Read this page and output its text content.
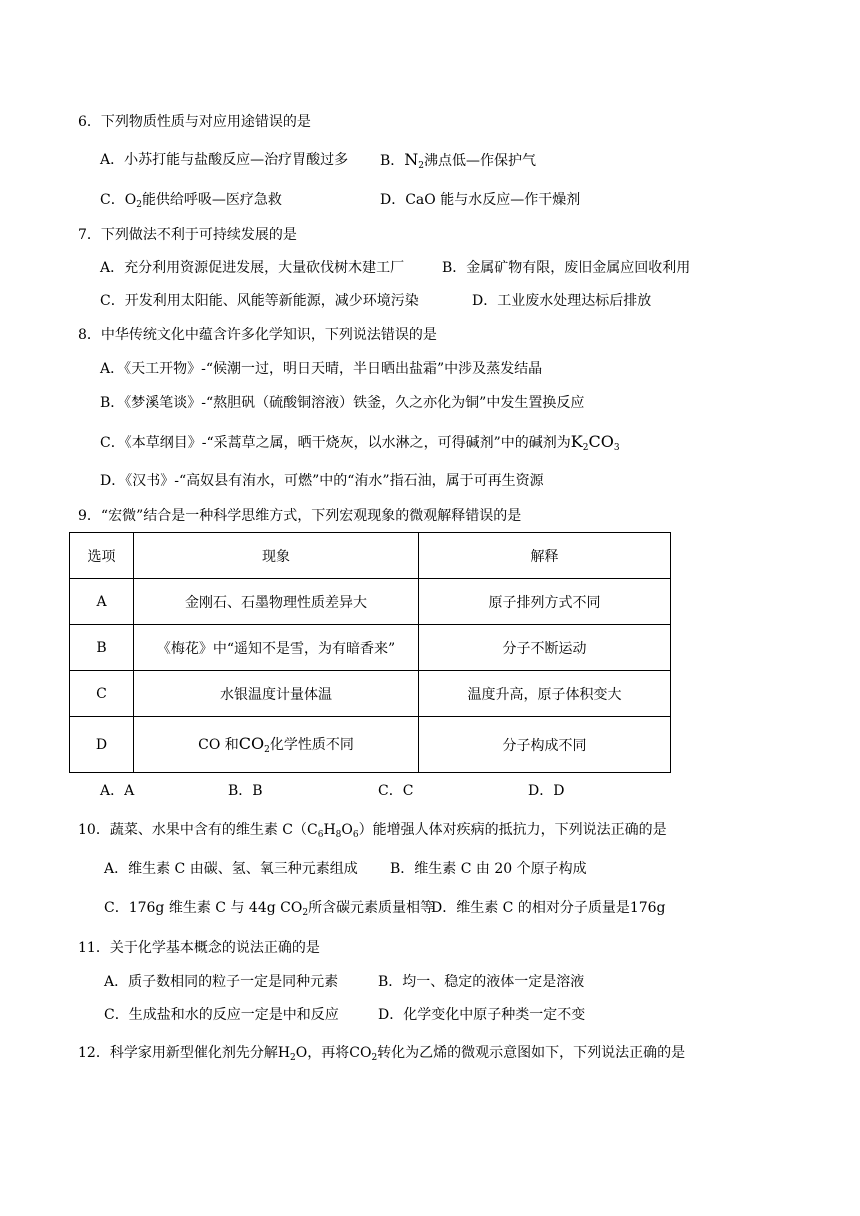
6．下列物质性质与对应用途错误的是
A．小苏打能与盐酸反应—治疗胃酸过多 B．$N_2$沸点低—作保护气
C．$O_2$能供给呼吸—医疗急救	D．CaO 能与水反应—作干燥剂
7．下列做法不利于可持续发展的是
A．充分利用资源促进发展，大量砍伐树木建工厂	B．金属矿物有限，废旧金属应回收利用
C．开发利用太阳能、风能等新能源，减少环境污染	D．工业废水处理达标后排放
8．中华传统文化中蕴含许多化学知识，下列说法错误的是
A．《天工开物》-“候潮一过，明日天晴，半日晒出盐霜”中涉及蒸发结晶
B．《梦溪笔谈》-“熬胆矾（硫酸铜溶液）铁釜，久之亦化为铜”中发生置换反应
C．《本草纲目》-“采蒿草之属，晒干烧灰，以水淋之，可得碱剂”中的碱剂为$K_2CO_3$
D．《汉书》-“高奴县有洧水，可燃”中的“洧水”指石油，属于可再生资源
9．“宏微”结合是一种科学思维方式，下列宏观现象的微观解释错误的是
选项	现象	解释
A	金刚石、石墨物理性质差异大	原子排列方式不同
B	《梅花》中“遥知不是雪，为有暗香来”	分子不断运动
C	水银温度计量体温	温度升高，原子体积变大
D	CO 和$CO_2$化学性质不同	分子构成不同
A．A	B．B	C．C	D．D
10．蔬菜、水果中含有的维生素 $C(C_6H_8O_6)$能增强人体对疾病的抵抗力，下列说法正确的是
A．维生素 C 由碳、氢、氧三种元素组成 B．维生素 C 由 20 个原子构成
C．176g 维生素 C 与 44g $CO_2$所含碳元素质量相等
D．维生素 C 的相对分子质量是176g
11．关于化学基本概念的说法正确的是
A．质子数相同的粒子一定是同种元素	B．均一、稳定的液体一定是溶液
C．生成盐和水的反应一定是中和反应	D．化学变化中原子种类一定不变
12．科学家用新型催化剂先分解$H_2O$，再将$CO_2$转化为乙烯的微观示意图如下，下列说法正确的是
